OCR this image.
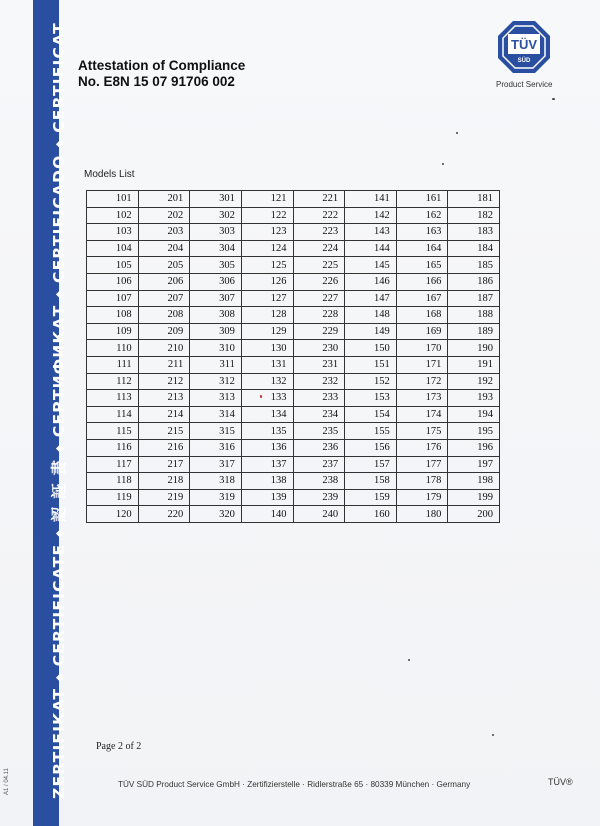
ZERTIFIKAT◆CERTIFICATE◆認 証 書◆СЕРТИФИКАТ◆CERTIFICADO◆CERTIFICAT
A1 / 04.11
Attestation of Compliance
No. E8N 15 07 91706 002
TÜV
SÜD
Product Service
Models List
101	201	301	121	221	141	161	181
102	202	302	122	222	142	162	182
103	203	303	123	223	143	163	183
104	204	304	124	224	144	164	184
105	205	305	125	225	145	165	185
106	206	306	126	226	146	166	186
107	207	307	127	227	147	167	187
108	208	308	128	228	148	168	188
109	209	309	129	229	149	169	189
110	210	310	130	230	150	170	190
111	211	311	131	231	151	171	191
112	212	312	132	232	152	172	192
113	213	313	133	233	153	173	193
114	214	314	134	234	154	174	194
115	215	315	135	235	155	175	195
116	216	316	136	236	156	176	196
117	217	317	137	237	157	177	197
118	218	318	138	238	158	178	198
119	219	319	139	239	159	179	199
120	220	320	140	240	160	180	200
Page 2 of 2
TÜV SÜD Product Service GmbH · Zertifizierstelle · Ridlerstraße 65 · 80339 München · Germany	TÜV®
